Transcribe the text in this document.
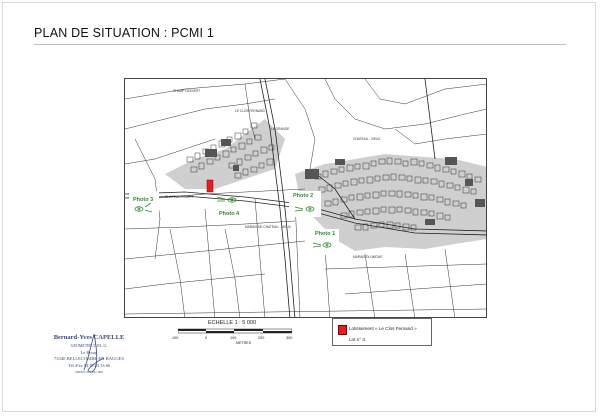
PLAN DE SITUATION : PCMI 1
CHAMP DESVERT
LE CLOS FERNAND
LA GRANGE
CHATEAU - VIEUX
CHAPEAU ROUPIT
MARAIS DE CHATEAU - VIEUX
MARAIS DU MATAS
Photo 1
Photo 2
Photo 3
Photo 4
ECHELLE 1 : 5 000
100	0	100	200	300
METRES
Lotissement « Le Clos Fernand »
Lot n° 3
Bernard-Yves CAPELLE
GEOMETRE D.P.L.G.
Le Bourg
73340 BELLECOMBE EN BAUGES
Tél./Fax 04 79 63 33 66
SIREN 353 181 080
